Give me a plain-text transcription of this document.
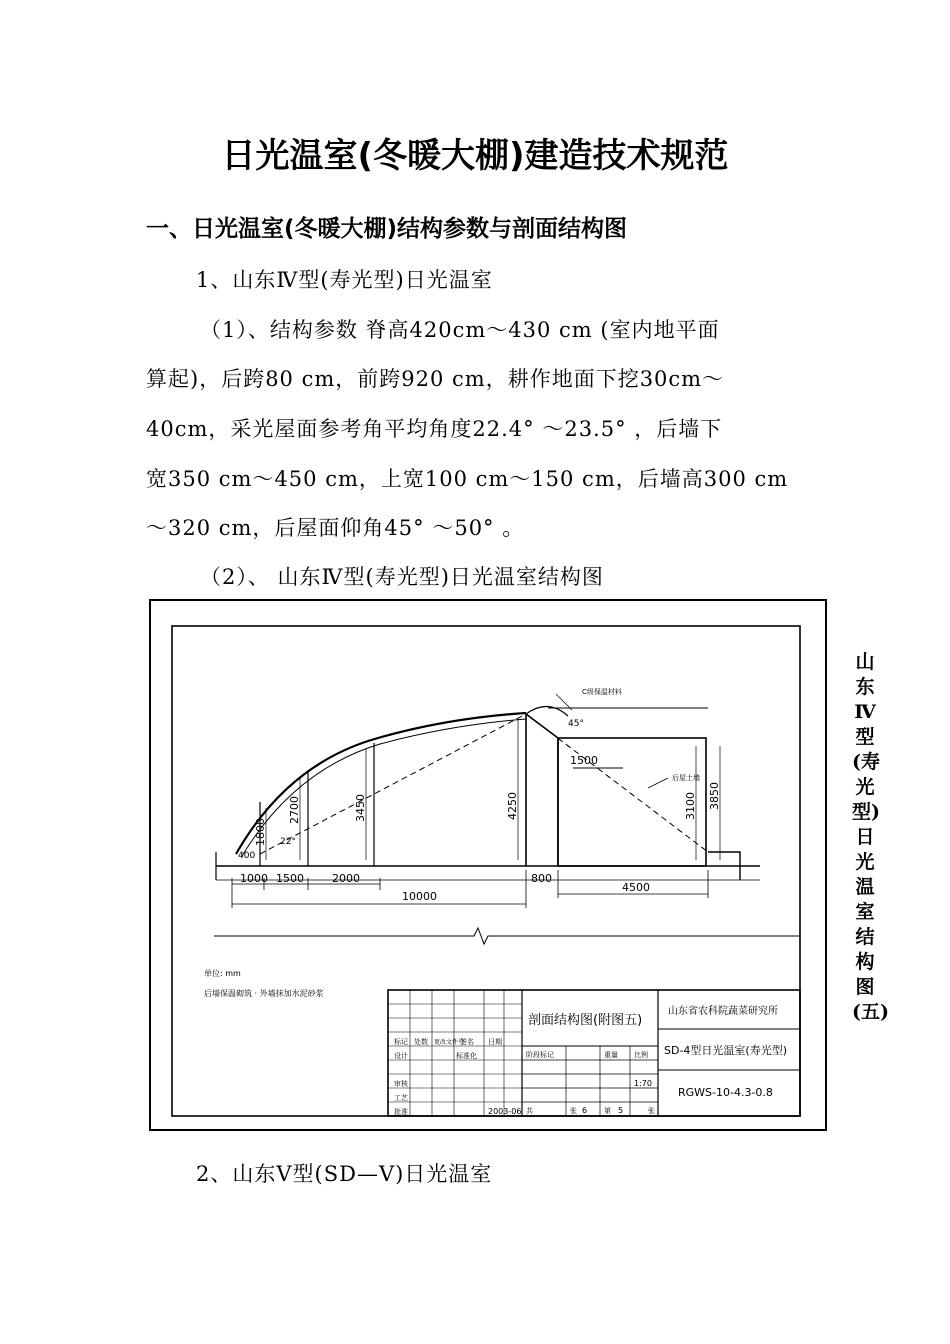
日光温室(冬暖大棚)建造技术规范
一、日光温室(冬暖大棚)结构参数与剖面结构图
1、山东Ⅳ型(寿光型)日光温室
（1）、结构参数 脊高420cm～430 cm (室内地平面
算起)，后跨80 cm，前跨920 cm，耕作地面下挖30cm～
40cm，采光屋面参考角平均角度22.4° ～23.5° ，后墙下
宽350 cm～450 cm，上宽100 cm～150 cm，后墙高300 cm
～320 cm，后屋面仰角45° ～50° 。
（2）、 山东Ⅳ型(寿光型)日光温室结构图
山东Ⅳ型(寿光型)日光温室结构图(五)
1000 1500	2000
10000
800
4500
400
1500
1800
2700	3450	4250	3100 3850
22°
45°
C级保温材料
后屋土墙
单位: mm
后墙保温砌筑 · 外墙抹加水泥砂浆
标记 处数 更改文件号
签名 日期
设计	标准化
审核
工艺
批准
阶段标记	重量 比例
共	张	第	张
剖面结构图(附图五)
山东省农科院蔬菜研究所
SD-4型日光温室(寿光型)
RGWS-10-4.3-0.8
1:70
2003-06	6	5
2、山东Ⅴ型(SD—Ⅴ)日光温室
